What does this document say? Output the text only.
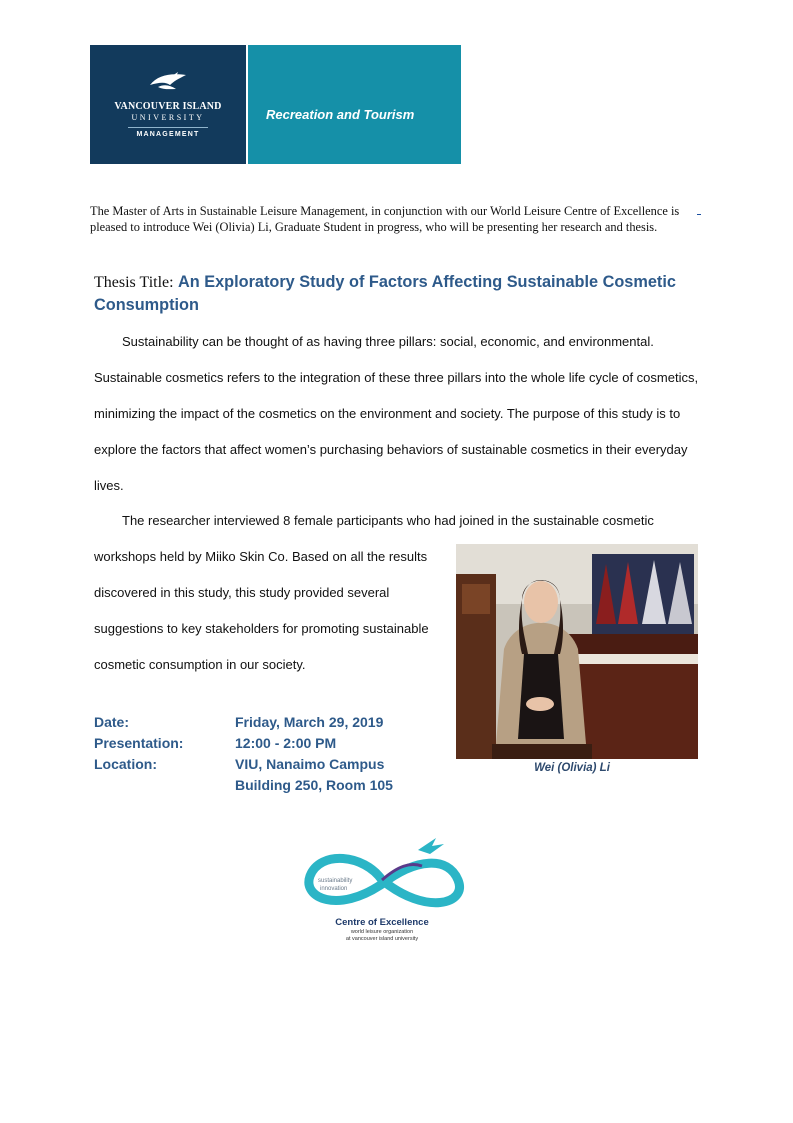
VANCOUVER ISLAND
UNIVERSITY
MANAGEMENT
Recreation and Tourism
The Master of Arts in Sustainable Leisure Management, in conjunction with our World Leisure Centre of Excellence is pleased to introduce Wei (Olivia) Li, Graduate Student in progress, who will be presenting her research and thesis.
Thesis Title: An Exploratory Study of Factors Affecting Sustainable Cosmetic Consumption
Sustainability can be thought of as having three pillars: social, economic, and environmental. Sustainable cosmetics refers to the integration of these three pillars into the whole life cycle of cosmetics, minimizing the impact of the cosmetics on the environment and society. The purpose of this study is to explore the factors that affect women’s purchasing behaviors of sustainable cosmetics in their everyday lives.
The researcher interviewed 8 female participants who had joined in the sustainable cosmetic
workshops held by Miiko Skin Co. Based on all the results discovered in this study, this study provided several suggestions to key stakeholders for promoting sustainable cosmetic consumption in our society.
Wei (Olivia) Li
Date:	Friday, March 29, 2019
Presentation:	12:00 - 2:00 PM
Location:	VIU, Nanaimo Campus
Building 250, Room 105
sustainability
innovation
Centre of Excellence
world leisure organization
at vancouver island university
